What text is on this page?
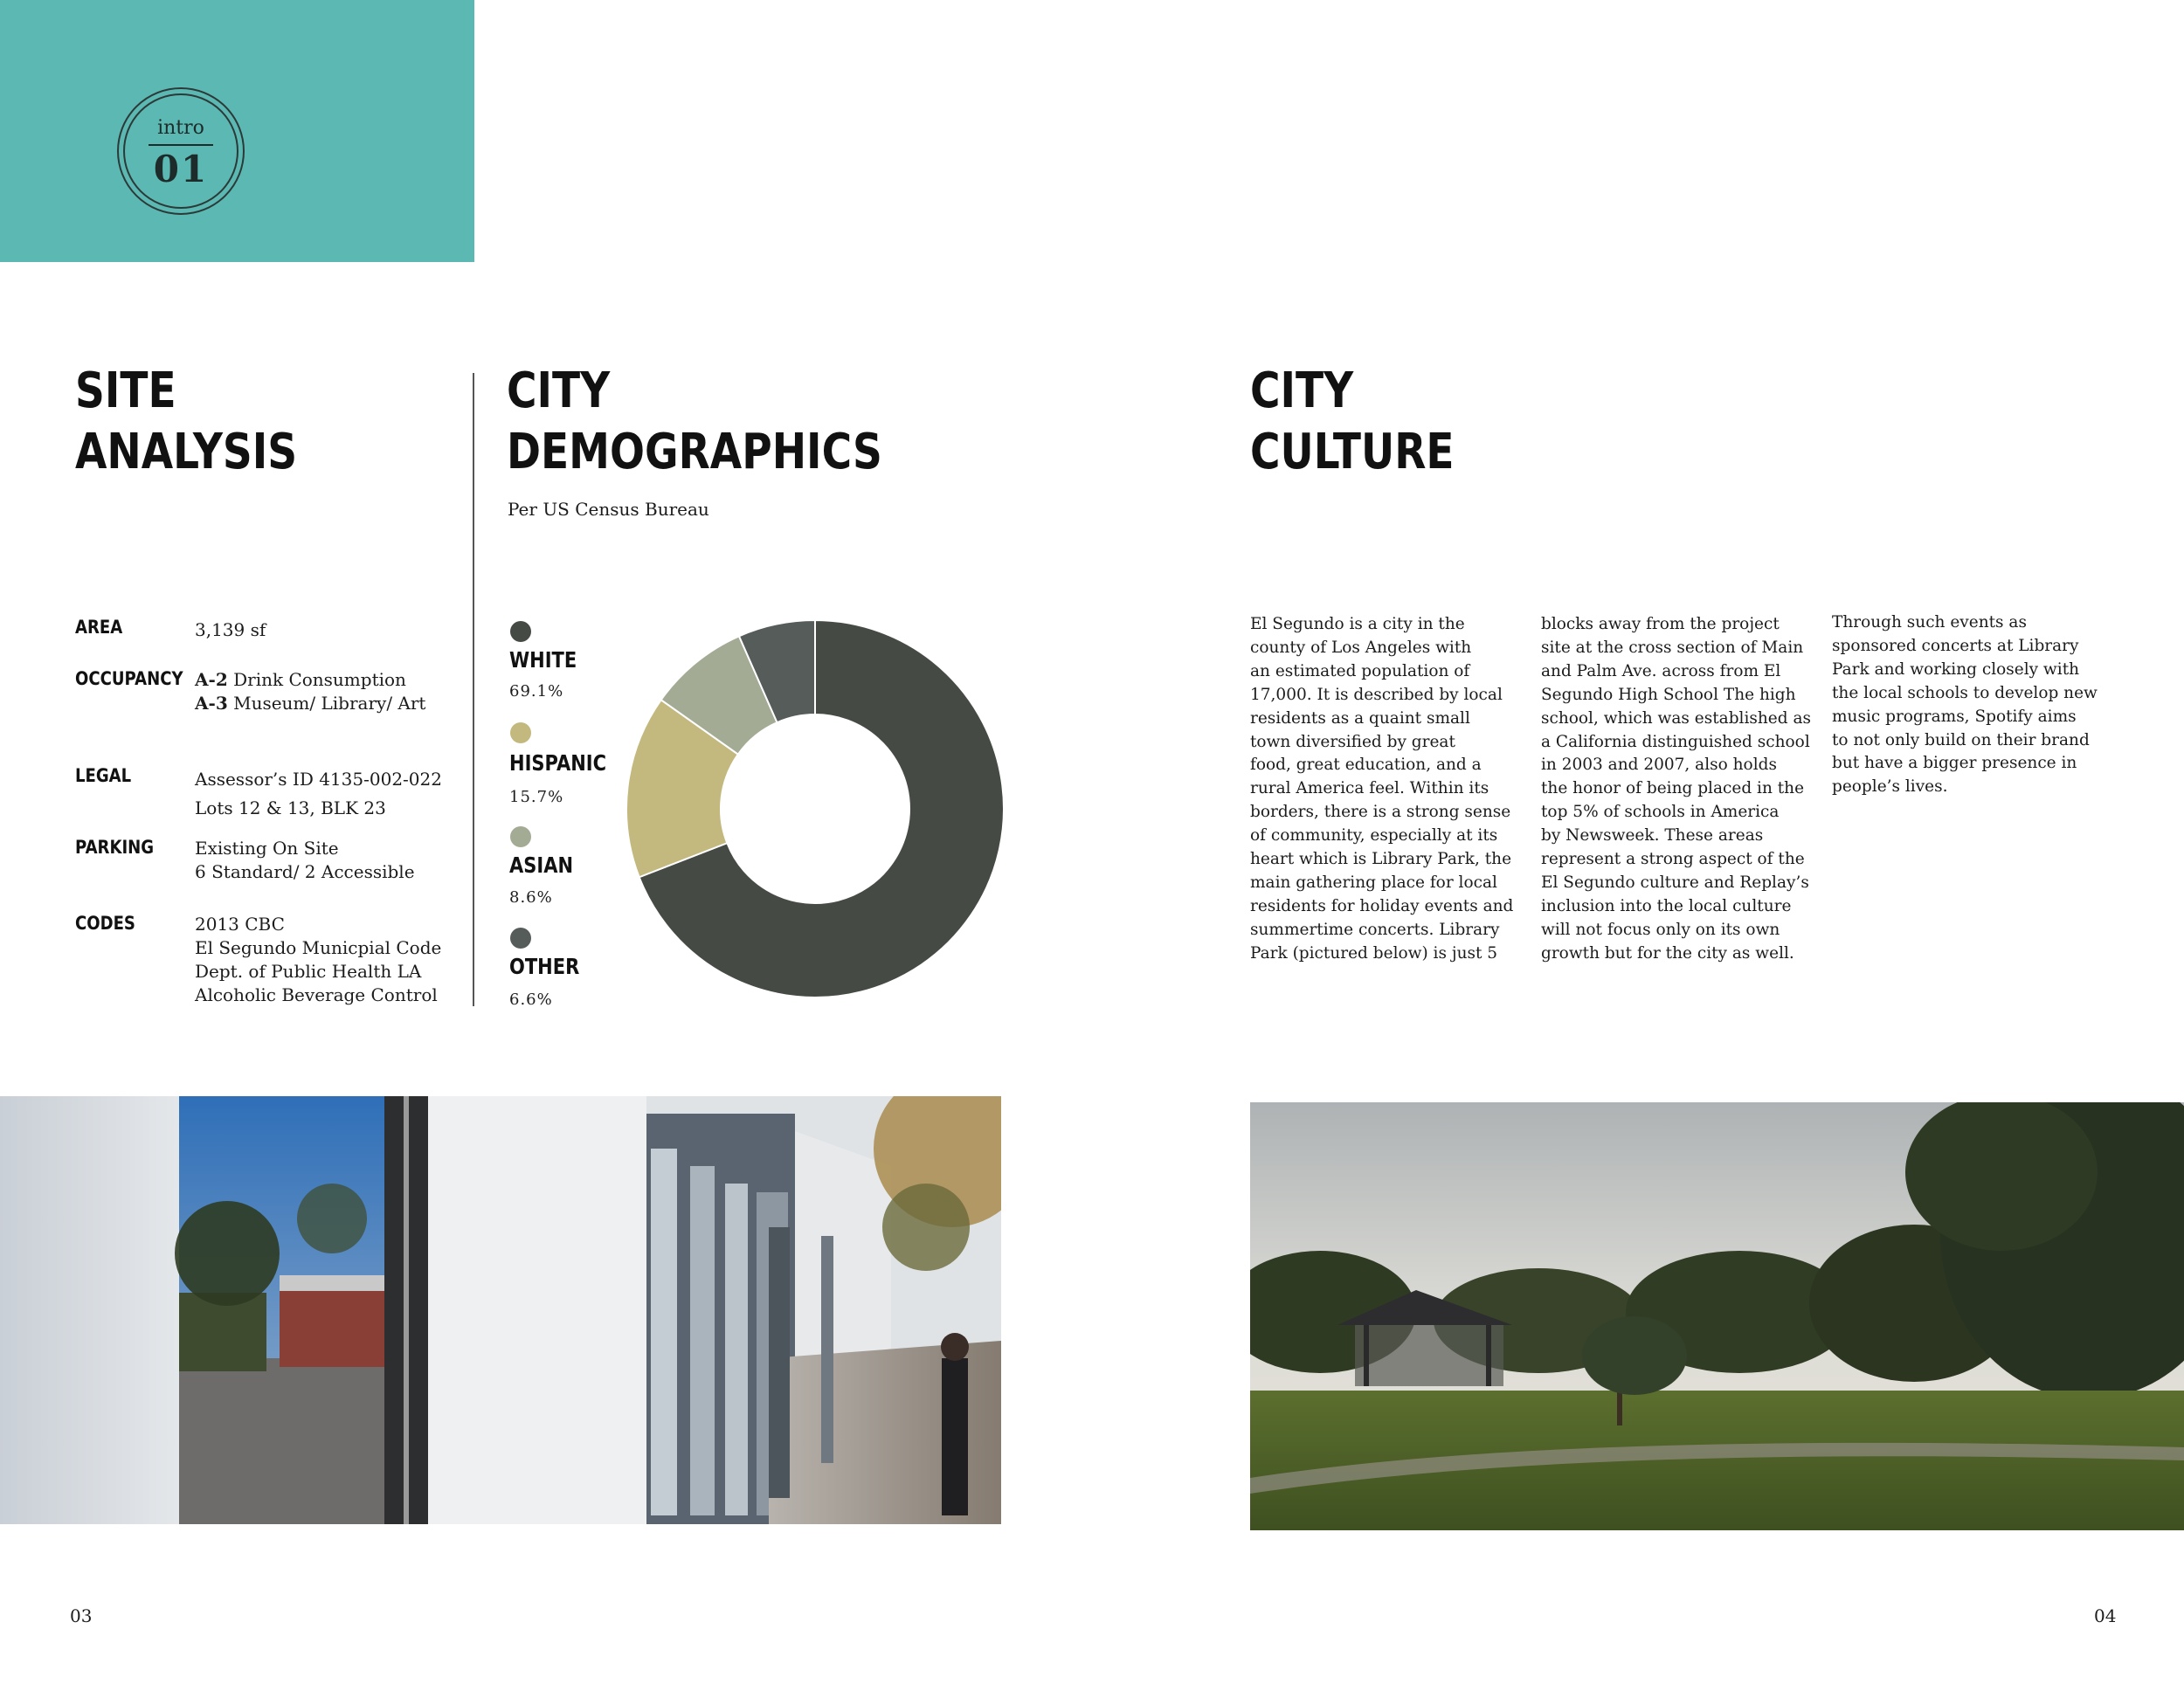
intro
01
SITE
ANALYSIS
AREA	3,139 sf
OCCUPANCY A-2 Drink Consumption
A-3 Museum/ Library/ Art
LEGAL	Assessor’s ID 4135-002-022
Lots 12 & 13, BLK 23
PARKING Existing On Site
6 Standard/ 2 Accessible
CODES	2013 CBC
El Segundo Municpial Code
Dept. of Public Health LA
Alcoholic Beverage Control
CITY
DEMOGRAPHICS
Per US Census Bureau
WHITE
69.1%
HISPANIC
15.7%
ASIAN
8.6%
OTHER
6.6%
CITY
CULTURE
El Segundo is a city in the
county of Los Angeles with
an estimated population of
17,000. It is described by local
residents as a quaint small
town diversified by great
food, great education, and a
rural America feel. Within its
borders, there is a strong sense
of community, especially at its
heart which is Library Park, the
main gathering place for local
residents for holiday events and
summertime concerts. Library
Park (pictured below) is just 5
blocks away from the project
site at the cross section of Main
and Palm Ave. across from El
Segundo High School The high
school, which was established as
a California distinguished school
in 2003 and 2007, also holds
the honor of being placed in the
top 5% of schools in America
by Newsweek. These areas
represent a strong aspect of the
El Segundo culture and Replay’s
inclusion into the local culture
will not focus only on its own
growth but for the city as well.
Through such events as
sponsored concerts at Library
Park and working closely with
the local schools to develop new
music programs, Spotify aims
to not only build on their brand
but have a bigger presence in
people’s lives.
03	04
